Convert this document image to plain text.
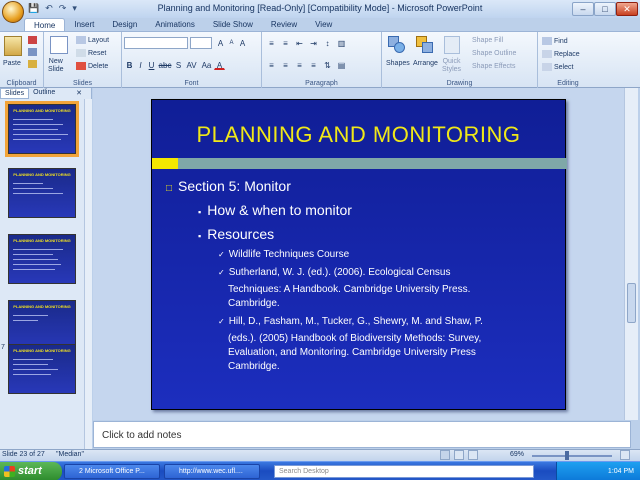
💾 ↶ ↷ ▾	Planning and Monitoring [Read-Only] [Compatibility Mode] - Microsoft PowerPoint	–	□	✕
Home	Insert	Design	Animations	Slide Show	Review	View
Paste
Clipboard
New
Slide
Layout
Reset
Delete
Slides
A	A A
B I U abc S AV Aa A
Font
≡	≡	⇤ ⇥	↕	▥
≡	≡	≡	≡	⇅ ▤
Paragraph
Shapes Arrange Quick
Styles
Shape Fill
Shape Outline
Shape Effects
Drawing
Find
Replace
Select
Editing
Slides	Outline	✕
PLANNING AND MONITORING
PLANNING AND MONITORING
PLANNING AND MONITORING
PLANNING AND MONITORING
7	PLANNING AND MONITORING
PLANNING AND MONITORING
□ Section 5: Monitor
▪ How & when to monitor
▪ Resources
✓ Wildlife Techniques Course
✓ Sutherland, W. J. (ed.). (2006). Ecological Census
Techniques: A Handbook. Cambridge University Press.
Cambridge.
✓ Hill, D., Fasham, M., Tucker, G., Shewry, M. and Shaw, P.
(eds.). (2005) Handbook of Biodiversity Methods: Survey,
Evaluation, and Monitoring. Cambridge University Press
Cambridge.
Click to add notes
Slide 23 of 27 "Median"	69%
start	2 Microsoft Office P...	http://www.wec.ufl....	Search Desktop	1:04 PM
